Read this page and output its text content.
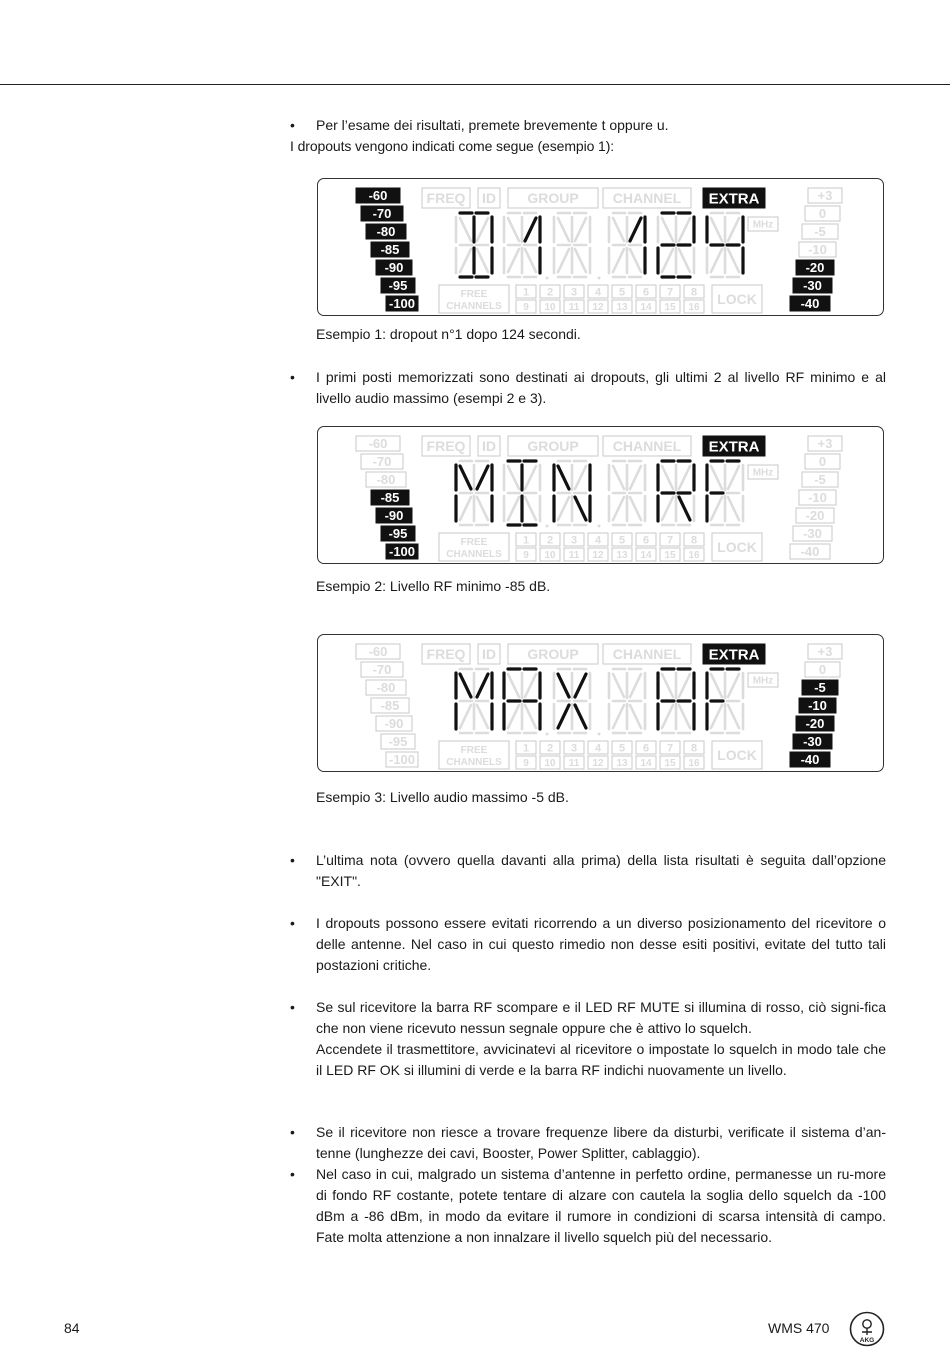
• Per l’esame dei risultati, premete brevemente t oppure u.
I dropouts vengono indicati come segue (esempio 1):
-60
-70
-80
-85
-90
-95
-100
FREQ ID GROUP CHANNEL EXTRA
MHz
FREE
CHANNELS
1 2 3 4 5 6 7 8
9 10 11 12 13 14 15 16
LOCK
+3
0
-5
-10
-20
-30
-40
Esempio 1: dropout n°1 dopo 124 secondi.
• I primi posti memorizzati sono destinati ai dropouts, gli ultimi 2 al livello RF minimo e al livello audio massimo (esempi 2 e 3).
-60
-70
-80
-85
-90
-95
-100
FREQ ID GROUP CHANNEL EXTRA
MHz
FREE
CHANNELS
1 2 3 4 5 6 7 8
9 10 11 12 13 14 15 16
LOCK
+3
0
-5
-10
-20
-30
-40
Esempio 2: Livello RF minimo -85 dB.
-60
-70
-80
-85
-90
-95
-100
FREQ ID GROUP CHANNEL EXTRA
MHz
FREE
CHANNELS
1 2 3 4 5 6 7 8
9 10 11 12 13 14 15 16
LOCK
+3
0
-5
-10
-20
-30
-40
Esempio 3: Livello audio massimo -5 dB.
• L’ultima nota (ovvero quella davanti alla prima) della lista risultati è seguita dall’opzione "EXIT".
• I dropouts possono essere evitati ricorrendo a un diverso posizionamento del ricevitore o delle antenne. Nel caso in cui questo rimedio non desse esiti positivi, evitate del tutto tali postazioni critiche.
• Se sul ricevitore la barra RF scompare e il LED RF MUTE si illumina di rosso, ciò signi-fica che non viene ricevuto nessun segnale oppure che è attivo lo squelch.
Accendete il trasmettitore, avvicinatevi al ricevitore o impostate lo squelch in modo tale che il LED RF OK si illumini di verde e la barra RF indichi nuovamente un livello.
• Se il ricevitore non riesce a trovare frequenze libere da disturbi, verificate il sistema d’an-tenne (lunghezze dei cavi, Booster, Power Splitter, cablaggio).
• Nel caso in cui, malgrado un sistema d’antenne in perfetto ordine, permanesse un ru-more di fondo RF costante, potete tentare di alzare con cautela la soglia dello squelch da -100 dBm a -86 dBm, in modo da evitare il rumore in condizioni di scarsa intensità di campo. Fate molta attenzione a non innalzare il livello squelch più del necessario.
84	WMS 470
AKG
